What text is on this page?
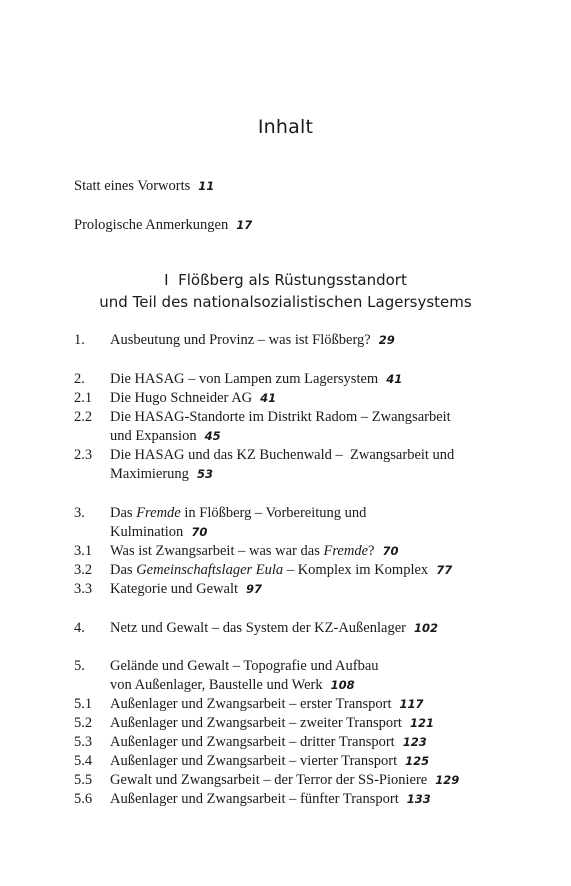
Inhalt
Statt eines Vorworts 11
Prologische Anmerkungen 17
I  Flößberg als Rüstungsstandort
und Teil des nationalsozialistischen Lagersystems
1. Ausbeutung und Provinz – was ist Flößberg? 29
2. Die HASAG – von Lampen zum Lagersystem 41
2.1 Die Hugo Schneider AG 41
2.2 Die HASAG-Standorte im Distrikt Radom – Zwangsarbeit
und Expansion 45
2.3 Die HASAG und das KZ Buchenwald –  Zwangsarbeit und
Maximierung 53
3. Das Fremde in Flößberg – Vorbereitung und
Kulmination 70
3.1 Was ist Zwangsarbeit – was war das Fremde? 70
3.2 Das Gemeinschaftslager Eula – Komplex im Komplex 77
3.3 Kategorie und Gewalt 97
4. Netz und Gewalt – das System der KZ-Außenlager 102
5. Gelände und Gewalt – Topografie und Aufbau
von Außenlager, Baustelle und Werk 108
5.1 Außenlager und Zwangsarbeit – erster Transport 117
5.2 Außenlager und Zwangsarbeit – zweiter Transport 121
5.3 Außenlager und Zwangsarbeit – dritter Transport 123
5.4 Außenlager und Zwangsarbeit – vierter Transport 125
5.5 Gewalt und Zwangsarbeit – der Terror der SS-Pioniere 129
5.6 Außenlager und Zwangsarbeit – fünfter Transport 133
